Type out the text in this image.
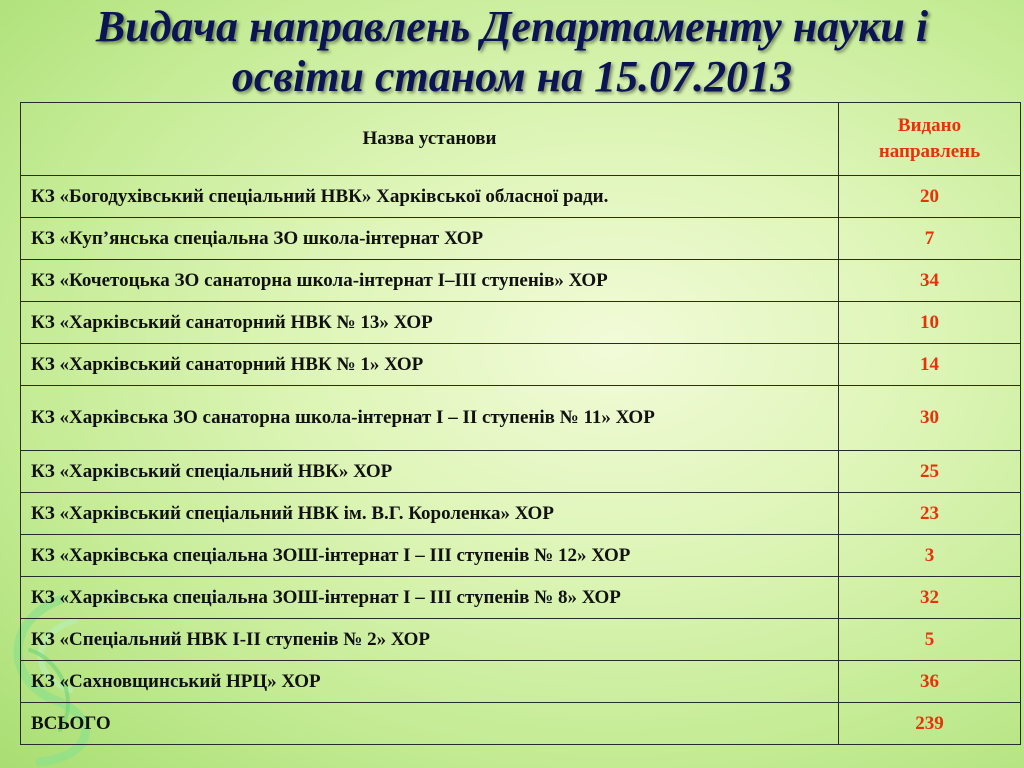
Видача направлень Департаменту науки і
освіти станом на 15.07.2013
Назва установи	Видано направлень
КЗ «Богодухівський спеціальний НВК» Харківської обласної ради.	20
КЗ «Куп’янська спеціальна ЗО школа-інтернат ХОР	7
КЗ «Кочетоцька ЗО санаторна школа-інтернат І–ІІІ ступенів» ХОР	34
КЗ «Харківський санаторний НВК № 13» ХОР	10
КЗ «Харківський санаторний НВК № 1» ХОР	14
КЗ «Харківська ЗО санаторна школа-інтернат І – ІІ ступенів № 11» ХОР	30
КЗ «Харківський спеціальний НВК» ХОР	25
КЗ «Харківський спеціальний НВК ім. В.Г. Короленка» ХОР	23
КЗ «Харківська спеціальна ЗОШ-інтернат І – ІІІ ступенів № 12» ХОР	3
КЗ «Харківська спеціальна ЗОШ-інтернат І – ІІІ ступенів № 8» ХОР	32
КЗ «Спеціальний НВК І-ІІ ступенів № 2» ХОР	5
КЗ «Сахновщинський НРЦ» ХОР	36
ВСЬОГО	239
